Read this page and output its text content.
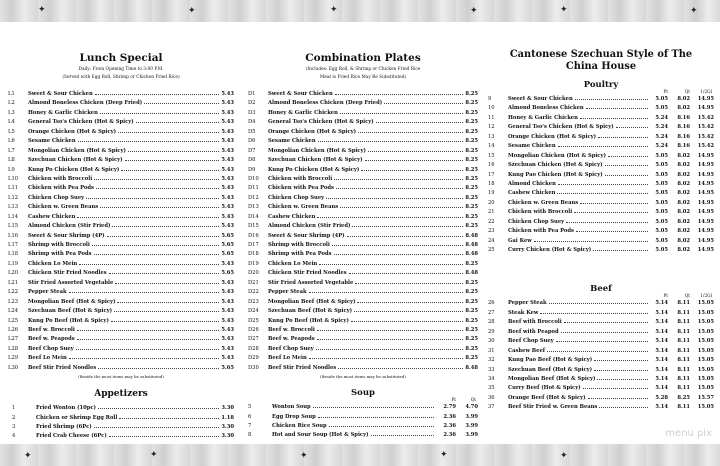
✦	✦	✦	✦	✦	✦
Lunch Special
Daily: From Opening Time to 3:00 P.M.
(Served with Egg Roll, Shrimp or Chicken Fried Rice)
L1	Sweet & Sour Chicken	5.43
L2	Almond Boneless Chicken (Deep Fried)	5.43
L3	Honey & Garlic Chicken	5.43
L4	General Tso's Chicken (Hot & Spicy)	5.43
L5	Orange Chicken (Hot & Spicy)	5.43
L6	Sesame Chicken	5.43
L7	Mongolian Chicken (Hot & Spicy)	5.43
L8	Szechuan Chicken (Hot & Spicy)	5.43
L9	Kung Po Chicken (Hot & Spicy)	5.43
L10	Chicken with Broccoli	5.43
L11	Chicken with Pea Pods	5.43
L12	Chicken Chop Suey	5.43
L13	Chicken w. Green Beans	5.43
L14	Cashew Chicken	5.43
L15	Almond Chicken (Stir Fried)	5.43
L16	Sweet & Sour Shrimp (4P)	5.65
L17	Shrimp with Broccoli	5.65
L18	Shrimp with Pea Pods	5.65
L19	Chicken Lo Mein	5.43
L20	Chicken Stir Fried Noodles	5.65
L21	Stir Fried Assorted Vegetable	5.43
L22	Pepper Steak	5.43
L23	Mongolian Beef (Hot & Spicy)	5.43
L24	Szechuan Beef (Hot & Spicy)	5.43
L25	Kung Po Beef (Hot & Spicy)	5.43
L26	Beef w. Broccoli	5.43
L27	Beef w. Peapods	5.43
L28	Beef Chop Suey	5.43
L29	Beef Lo Mein	5.43
L30	Beef Stir Fried Noodles	5.65
(Beside the most items may be substituted)
Appetizers
1	Fried Wonton (10pc)	3.30
2	Chicken or Shrimp Egg Roll	1.18
3	Fried Shrimp (6Pc)	3.30
4	Fried Crab Cheese (6Pc)	3.30
Combination Plates
(Includes: Egg Roll, & Shrimp or Chicken Fried Rice
Meat is Fried Rice May Be Substituted)
D1	Sweet & Sour Chicken	8.25
D2	Almond Boneless Chicken (Deep Fried)	8.25
D3	Honey & Garlic Chicken	8.25
D4	General Tso's Chicken (Hot & Spicy)	8.25
D5	Orange Chicken (Hot & Spicy)	8.25
D6	Sesame Chicken	8.25
D7	Mongolian Chicken (Hot & Spicy)	8.25
D8	Szechuan Chicken (Hot & Spicy)	8.25
D9	Kung Po Chicken (Hot & Spicy)	8.25
D10	Chicken with Broccoli	8.25
D11	Chicken with Pea Pods	8.25
D12	Chicken Chop Suey	8.25
D13	Chicken w. Green Beans	8.25
D14	Cashew Chicken	8.25
D15	Almond Chicken (Stir Fried)	8.25
D16	Sweet & Sour Shrimp (4P)	8.48
D17	Shrimp with Broccoli	8.48
D18	Shrimp with Pea Pods	8.48
D19	Chicken Lo Mein	8.25
D20	Chicken Stir Fried Noodles	8.48
D21	Stir Fried Assorted Vegetable	8.25
D22	Pepper Steak	8.25
D23	Mongolian Beef (Hot & Spicy)	8.25
D24	Szechuan Beef (Hot & Spicy)	8.25
D25	Kung Po Beef (Hot & Spicy)	8.25
D26	Beef w. Broccoli	8.25
D27	Beef w. Peapods	8.25
D28	Beef Chop Suey	8.25
D29	Beef Lo Mein	8.25
D30	Beef Stir Fried Noodles	8.48
(Beside the most items may be substituted)
Soup
Pt	Qt
5	Wonton Soup	2.79	4.70
6	Egg Drop Soup	2.36	3.99
7	Chicken Rice Soup	2.36	3.99
8	Hot and Sour Soup (Hot & Spicy)	2.36	3.99
Cantonese Szechuan Style of The
China House
Poultry
Pt	Qt	1/2Gl
9	Sweet & Sour Chicken	5.05	8.02	14.95
10	Almond Boneless Chicken	5.05	8.02	14.95
11	Honey & Garlic Chicken	5.24	8.16	15.42
12	General Tso's Chicken (Hot & Spicy)	5.24	8.16	15.42
13	Orange Chicken (Hot & Spicy)	5.24	8.16	15.42
14	Sesame Chicken	5.24	8.16	15.42
15	Mongolian Chicken (Hot & Spicy)	5.05	8.02	14.95
16	Szechuan Chicken (Hot & Spicy)	5.05	8.02	14.95
17	Kung Pao Chicken (Hot & Spicy)	5.05	8.02	14.95
18	Almond Chicken	5.05	8.02	14.95
19	Cashew Chicken	5.05	8.02	14.95
20	Chicken w. Green Beans	5.05	8.02	14.95
21	Chicken with Broccoli	5.05	8.02	14.95
22	Chicken Chop Suey	5.05	8.02	14.95
23	Chicken with Pea Pods	5.05	8.02	14.95
24	Gai Kew	5.05	8.02	14.95
25	Curry Chicken (Hot & Spicy)	5.05	8.02	14.95
Beef
Pt	Qt	1/2Gl
26	Pepper Steak	5.14	8.11	15.05
27	Steak Kew	5.14	8.11	15.05
28	Beef with Broccoli	5.14	8.11	15.05
29	Beef with Peapod	5.14	8.11	15.05
30	Beef Chop Suey	5.14	8.11	15.05
31	Cashew Beef	5.14	8.11	15.05
32	Kung Pao Beef (Hot & Spicy)	5.14	8.11	15.05
33	Szechuan Beef (Hot & Spicy)	5.14	8.11	15.05
34	Mongolian Beef (Hot & Spicy)	5.14	8.11	15.05
35	Curry Beef (Hot & Spicy)	5.14	8.11	15.05
36	Orange Beef (Hot & Spicy)	5.28	8.25	15.57
37	Beef Stir Fried w. Green Beans	5.14	8.11	15.05
✦	✦	✦	✦	✦
menu pix
